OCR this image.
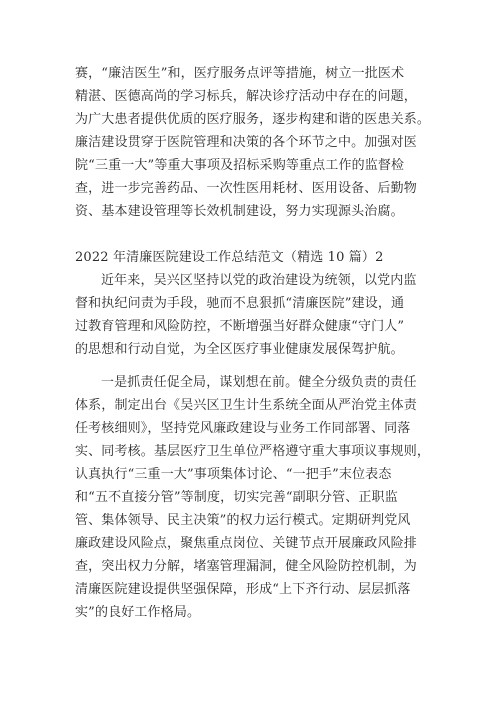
赛，“廉洁医生”和，医疗服务点评等措施，树立一批医术
精湛、医德高尚的学习标兵，解决诊疗活动中存在的问题，
为广大患者提供优质的医疗服务，逐步构建和谐的医患关系。
廉洁建设贯穿于医院管理和决策的各个环节之中。加强对医
院“三重一大”等重大事项及招标采购等重点工作的监督检
查，进一步完善药品、一次性医用耗材、医用设备、后勤物
资、基本建设管理等长效机制建设，努力实现源头治腐。
2022 年清廉医院建设工作总结范文（精选 10 篇）2
近年来，吴兴区坚持以党的政治建设为统领，以党内监
督和执纪问责为手段，驰而不息狠抓“清廉医院”建设，通
过教育管理和风险防控，不断增强当好群众健康“守门人”
的思想和行动自觉，为全区医疗事业健康发展保驾护航。
一是抓责任促全局，谋划想在前。健全分级负责的责任
体系，制定出台《吴兴区卫生计生系统全面从严治党主体责
任考核细则》，坚持党风廉政建设与业务工作同部署、同落
实、同考核。基层医疗卫生单位严格遵守重大事项议事规则，
认真执行“三重一大”事项集体讨论、“一把手”末位表态
和“五不直接分管”等制度，切实完善“副职分管、正职监
管、集体领导、民主决策”的权力运行模式。定期研判党风
廉政建设风险点，聚焦重点岗位、关键节点开展廉政风险排
查，突出权力分解，堵塞管理漏洞，健全风险防控机制，为
清廉医院建设提供坚强保障，形成“上下齐行动、层层抓落
实”的良好工作格局。
